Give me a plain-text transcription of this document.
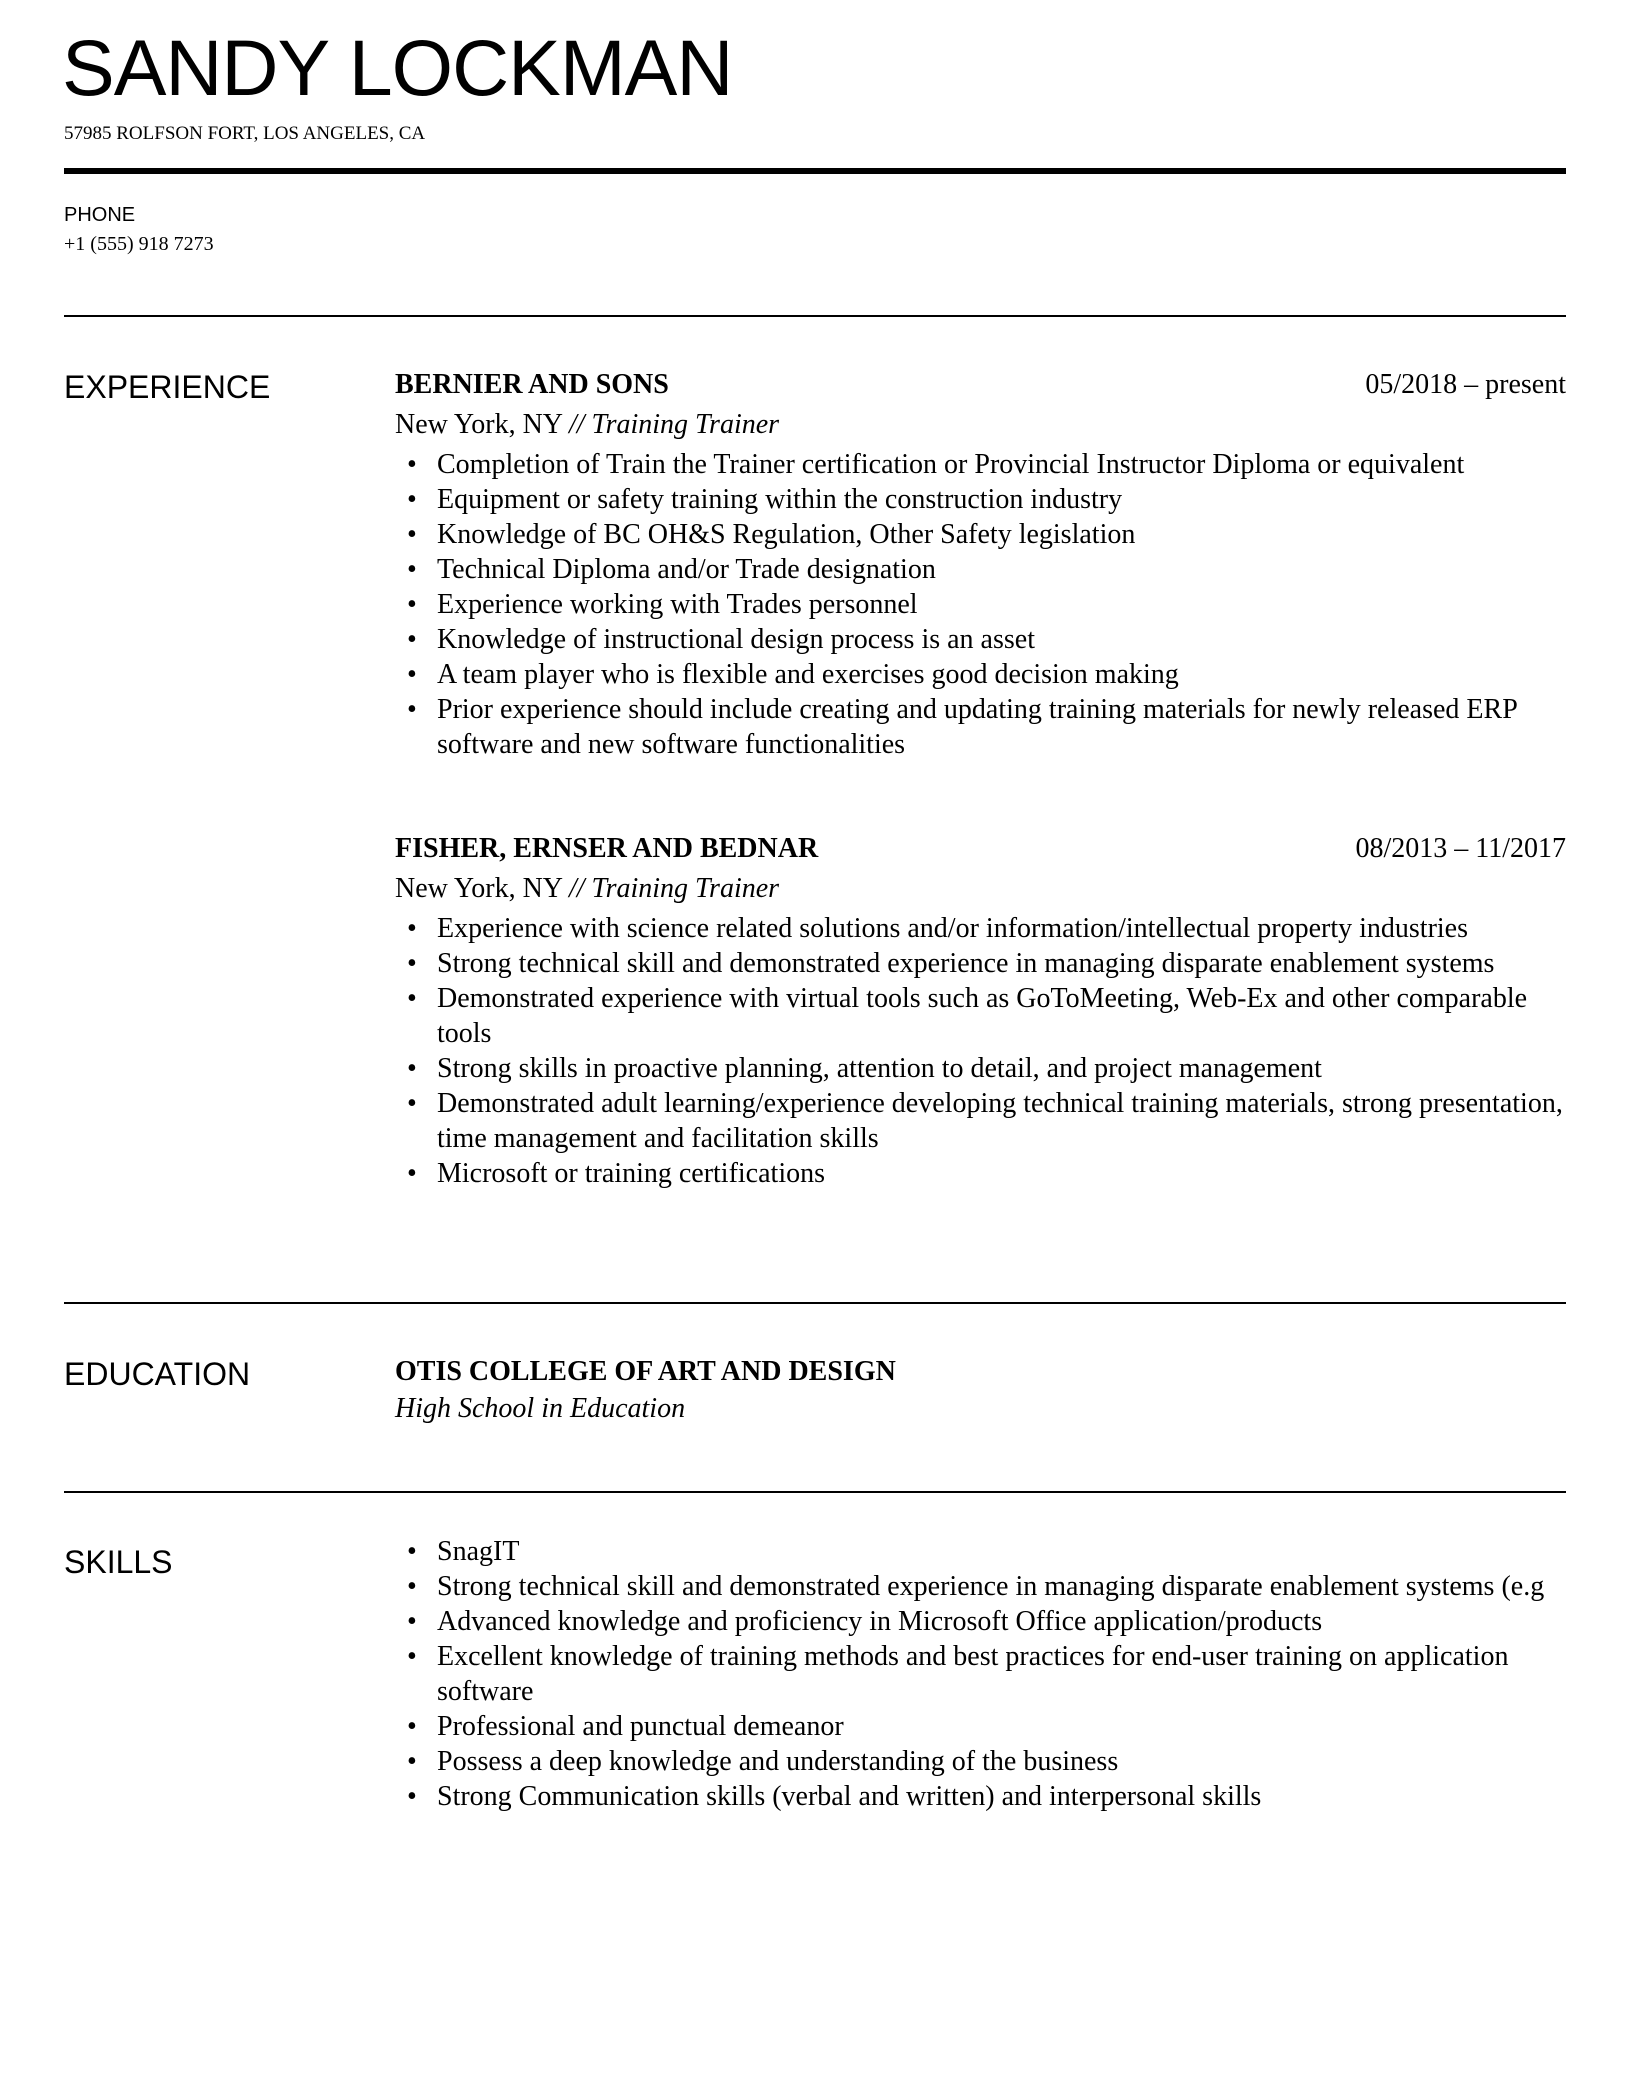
SANDY LOCKMAN
57985 ROLFSON FORT, LOS ANGELES, CA
PHONE
+1 (555) 918 7273
EXPERIENCE	BERNIER AND SONS	05/2018 – present
New York, NY // Training Trainer
• Completion of Train the Trainer certification or Provincial Instructor Diploma or equivalent
• Equipment or safety training within the construction industry
• Knowledge of BC OH&S Regulation, Other Safety legislation
• Technical Diploma and/or Trade designation
• Experience working with Trades personnel
• Knowledge of instructional design process is an asset
• A team player who is flexible and exercises good decision making
• Prior experience should include creating and updating training materials for newly released ERP software and new software functionalities
FISHER, ERNSER AND BEDNAR	08/2013 – 11/2017
New York, NY // Training Trainer
• Experience with science related solutions and/or information/intellectual property industries
• Strong technical skill and demonstrated experience in managing disparate enablement systems
• Demonstrated experience with virtual tools such as GoToMeeting, Web-Ex and other comparable tools
• Strong skills in proactive planning, attention to detail, and project management
• Demonstrated adult learning/experience developing technical training materials, strong presentation, time management and facilitation skills
• Microsoft or training certifications
EDUCATION	OTIS COLLEGE OF ART AND DESIGN
High School in Education
SKILLS	• SnagIT
• Strong technical skill and demonstrated experience in managing disparate enablement systems (e.g
• Advanced knowledge and proficiency in Microsoft Office application/products
• Excellent knowledge of training methods and best practices for end-user training on application software
• Professional and punctual demeanor
• Possess a deep knowledge and understanding of the business
• Strong Communication skills (verbal and written) and interpersonal skills
